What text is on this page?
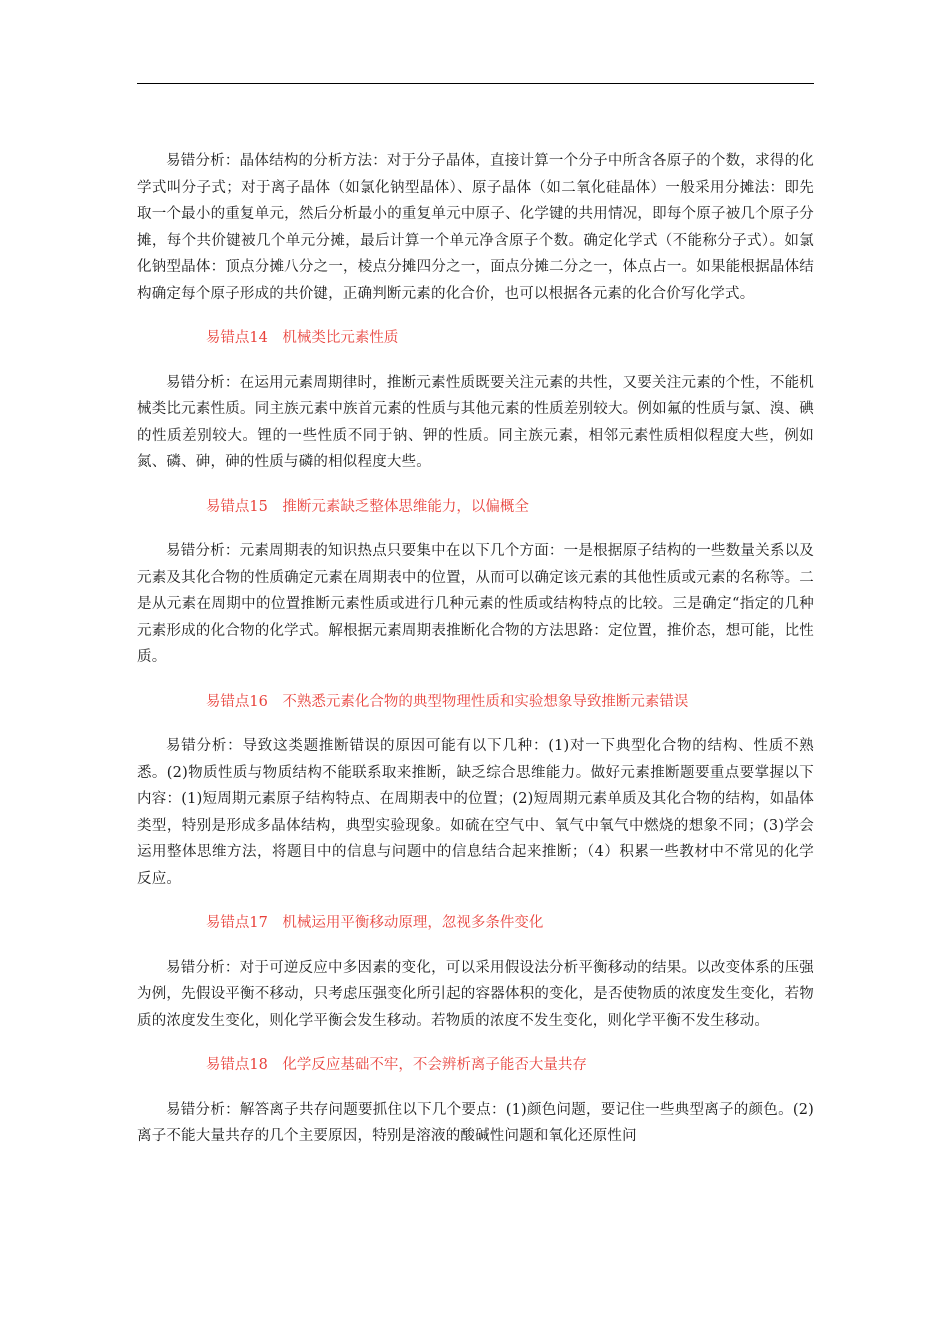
易错分析：晶体结构的分析方法：对于分子晶体，直接计算一个分子中所含各原子的个数，求得的化学式叫分子式；对于离子晶体（如氯化钠型晶体）、原子晶体（如二氧化硅晶体）一般采用分摊法：即先取一个最小的重复单元，然后分析最小的重复单元中原子、化学键的共用情况，即每个原子被几个原子分摊，每个共价键被几个单元分摊，最后计算一个单元净含原子个数。确定化学式（不能称分子式）。如氯化钠型晶体：顶点分摊八分之一，棱点分摊四分之一，面点分摊二分之一，体点占一。如果能根据晶体结构确定每个原子形成的共价键，正确判断元素的化合价，也可以根据各元素的化合价写化学式。

易错点14　机械类比元素性质

易错分析：在运用元素周期律时，推断元素性质既要关注元素的共性，又要关注元素的个性，不能机械类比元素性质。同主族元素中族首元素的性质与其他元素的性质差别较大。例如氟的性质与氯、溴、碘的性质差别较大。锂的一些性质不同于钠、钾的性质。同主族元素，相邻元素性质相似程度大些，例如氮、磷、砷，砷的性质与磷的相似程度大些。

易错点15　推断元素缺乏整体思维能力，以偏概全

易错分析：元素周期表的知识热点只要集中在以下几个方面：一是根据原子结构的一些数量关系以及元素及其化合物的性质确定元素在周期表中的位置，从而可以确定该元素的其他性质或元素的名称等。二是从元素在周期中的位置推断元素性质或进行几种元素的性质或结构特点的比较。三是确定“指定的几种元素形成的化合物的化学式。解根据元素周期表推断化合物的方法思路：定位置，推价态，想可能，比性质。

易错点16　不熟悉元素化合物的典型物理性质和实验想象导致推断元素错误

易错分析：导致这类题推断错误的原因可能有以下几种：(1)对一下典型化合物的结构、性质不熟悉。(2)物质性质与物质结构不能联系取来推断，缺乏综合思维能力。做好元素推断题要重点要掌握以下内容：(1)短周期元素原子结构特点、在周期表中的位置；(2)短周期元素单质及其化合物的结构，如晶体类型，特别是形成多晶体结构，典型实验现象。如硫在空气中、氧气中氧气中燃烧的想象不同；(3)学会运用整体思维方法，将题目中的信息与问题中的信息结合起来推断；（4）积累一些教材中不常见的化学反应。

易错点17　机械运用平衡移动原理，忽视多条件变化

易错分析：对于可逆反应中多因素的变化，可以采用假设法分析平衡移动的结果。以改变体系的压强为例，先假设平衡不移动，只考虑压强变化所引起的容器体积的变化，是否使物质的浓度发生变化，若物质的浓度发生变化，则化学平衡会发生移动。若物质的浓度不发生变化，则化学平衡不发生移动。

易错点18　化学反应基础不牢，不会辨析离子能否大量共存

易错分析：解答离子共存问题要抓住以下几个要点：(1)颜色问题，要记住一些典型离子的颜色。(2)离子不能大量共存的几个主要原因，特别是溶液的酸碱性问题和氧化还原性问
